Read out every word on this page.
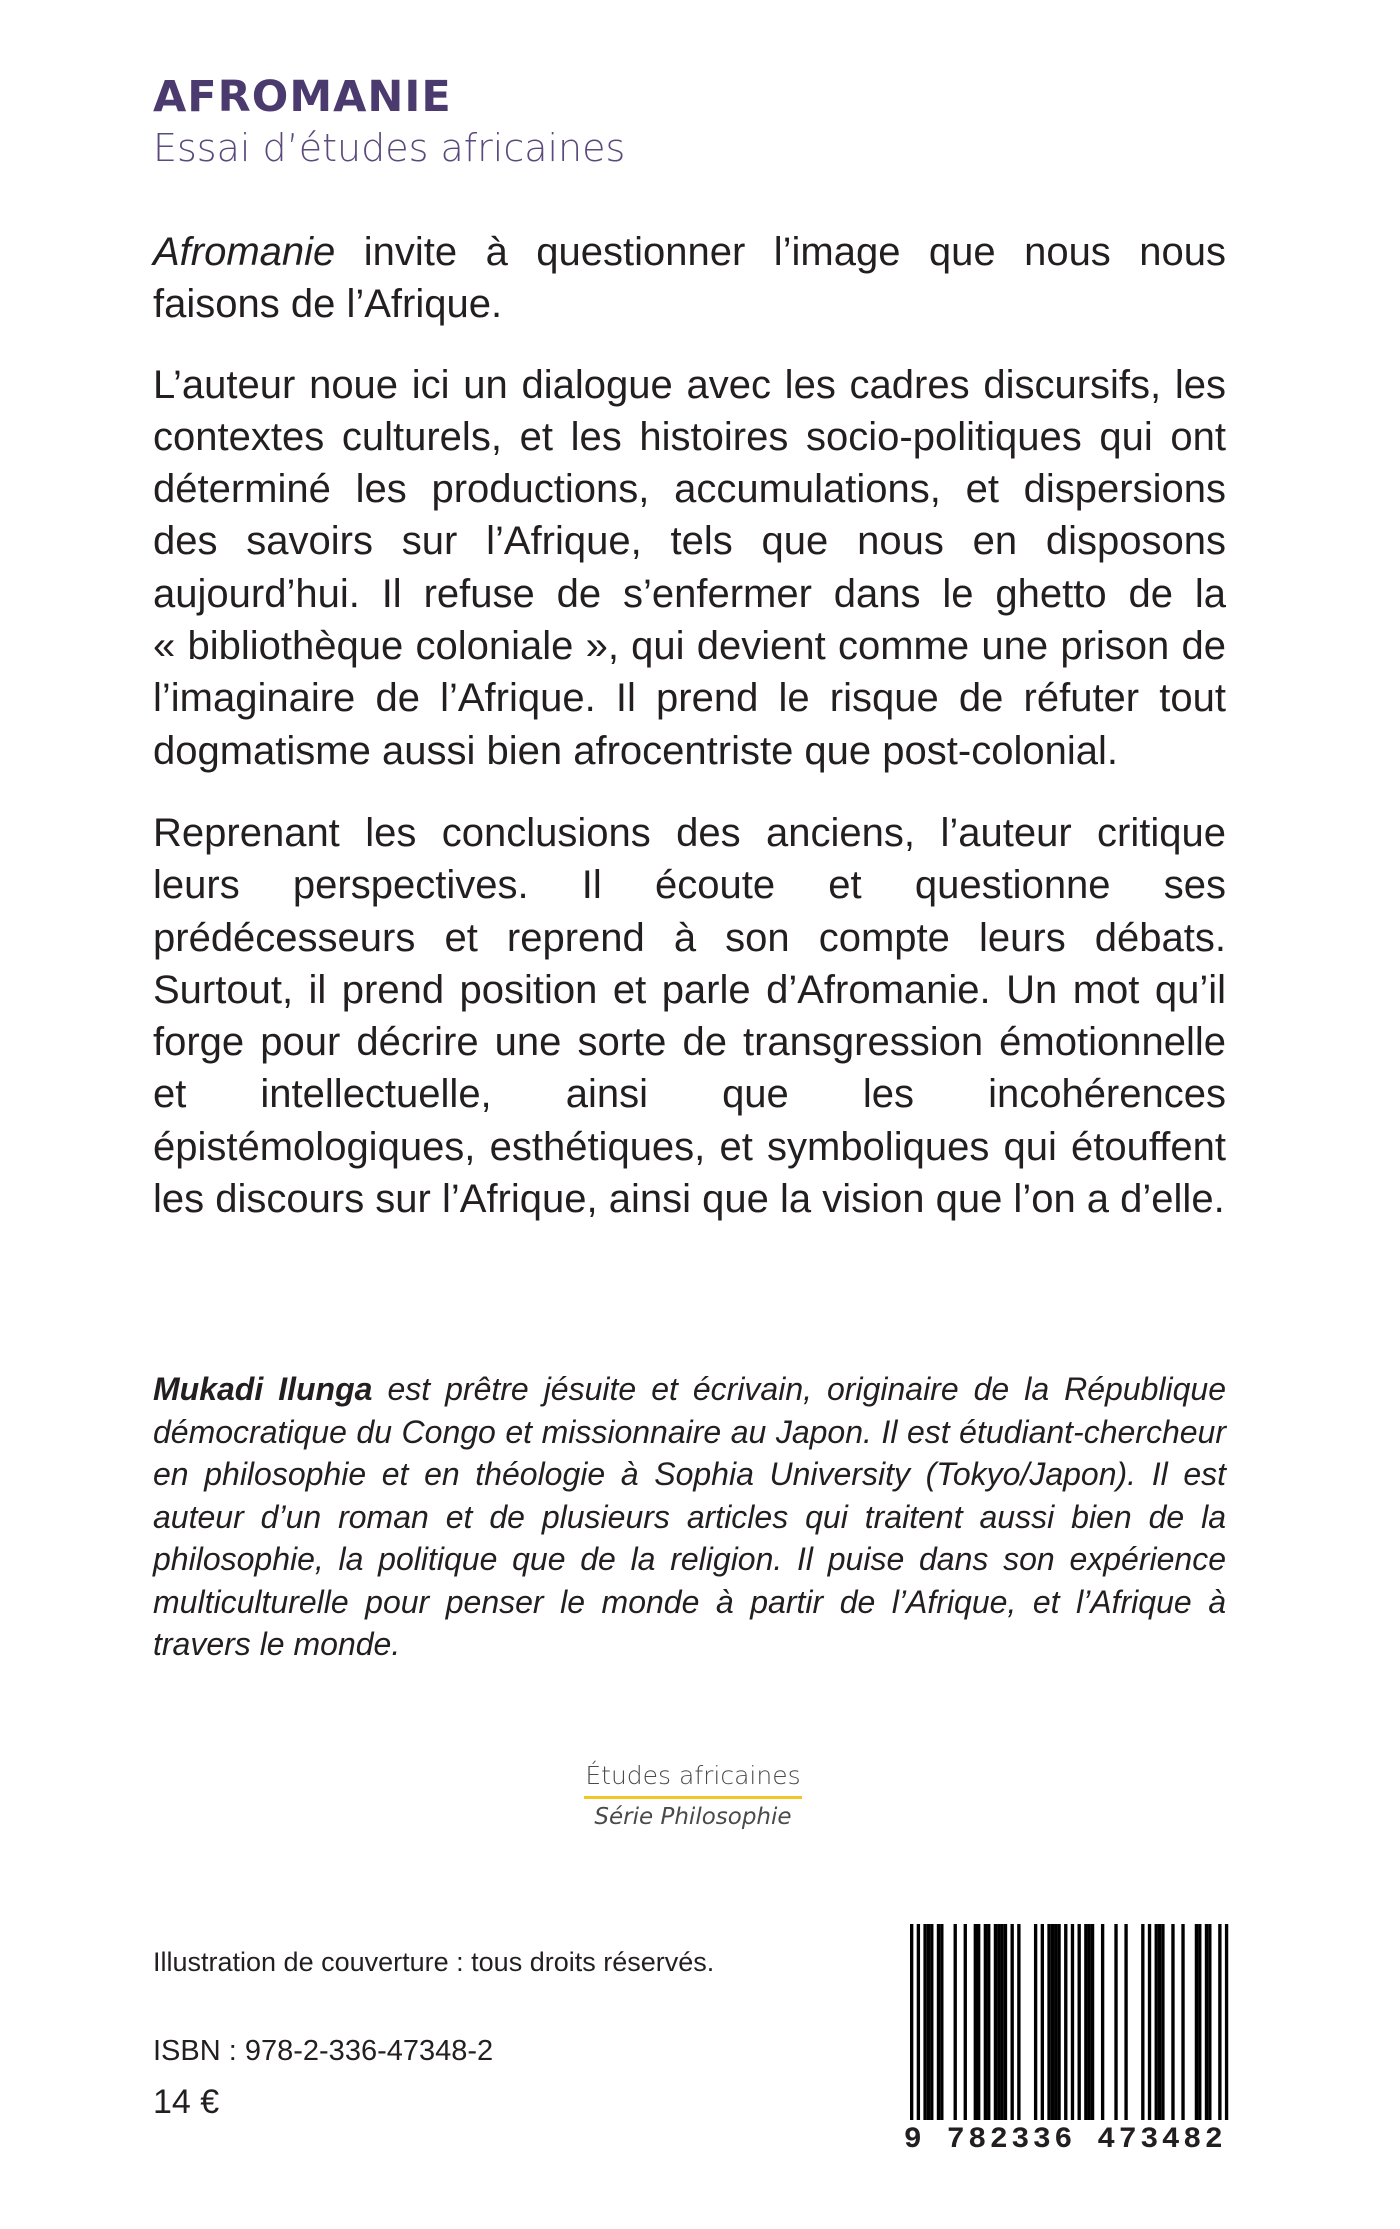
AFROMANIE
Essai d’études africaines

Afromanie invite à questionner l’image que nous nous faisons de l’Afrique.

L’auteur noue ici un dialogue avec les cadres discursifs, les contextes culturels, et les histoires socio-politiques qui ont déterminé les productions, accumulations, et dispersions des savoirs sur l’Afrique, tels que nous en disposons aujourd’hui. Il refuse de s’enfermer dans le ghetto de la « bibliothèque coloniale », qui devient comme une prison de l’imaginaire de l’Afrique. Il prend le risque de réfuter tout dogmatisme aussi bien afrocentriste que post-colonial.

Reprenant les conclusions des anciens, l’auteur critique leurs perspectives. Il écoute et questionne ses prédécesseurs et reprend à son compte leurs débats. Surtout, il prend position et parle d’Afromanie. Un mot qu’il forge pour décrire une sorte de transgression émotionnelle et intellectuelle, ainsi que les incohérences épistémologiques, esthétiques, et symboliques qui étouffent les discours sur l’Afrique, ainsi que la vision que l’on a d’elle.

Mukadi Ilunga est prêtre jésuite et écrivain, originaire de la République démocratique du Congo et missionnaire au Japon. Il est étudiant-chercheur en philosophie et en théologie à Sophia University (Tokyo/Japon). Il est auteur d’un roman et de plusieurs articles qui traitent aussi bien de la philosophie, la politique que de la religion. Il puise dans son expérience multiculturelle pour penser le monde à partir de l’Afrique, et l’Afrique à travers le monde.

Études africaines
Série Philosophie

Illustration de couverture : tous droits réservés.

ISBN : 978-2-336-47348-2

14 €

9 782336 473482
